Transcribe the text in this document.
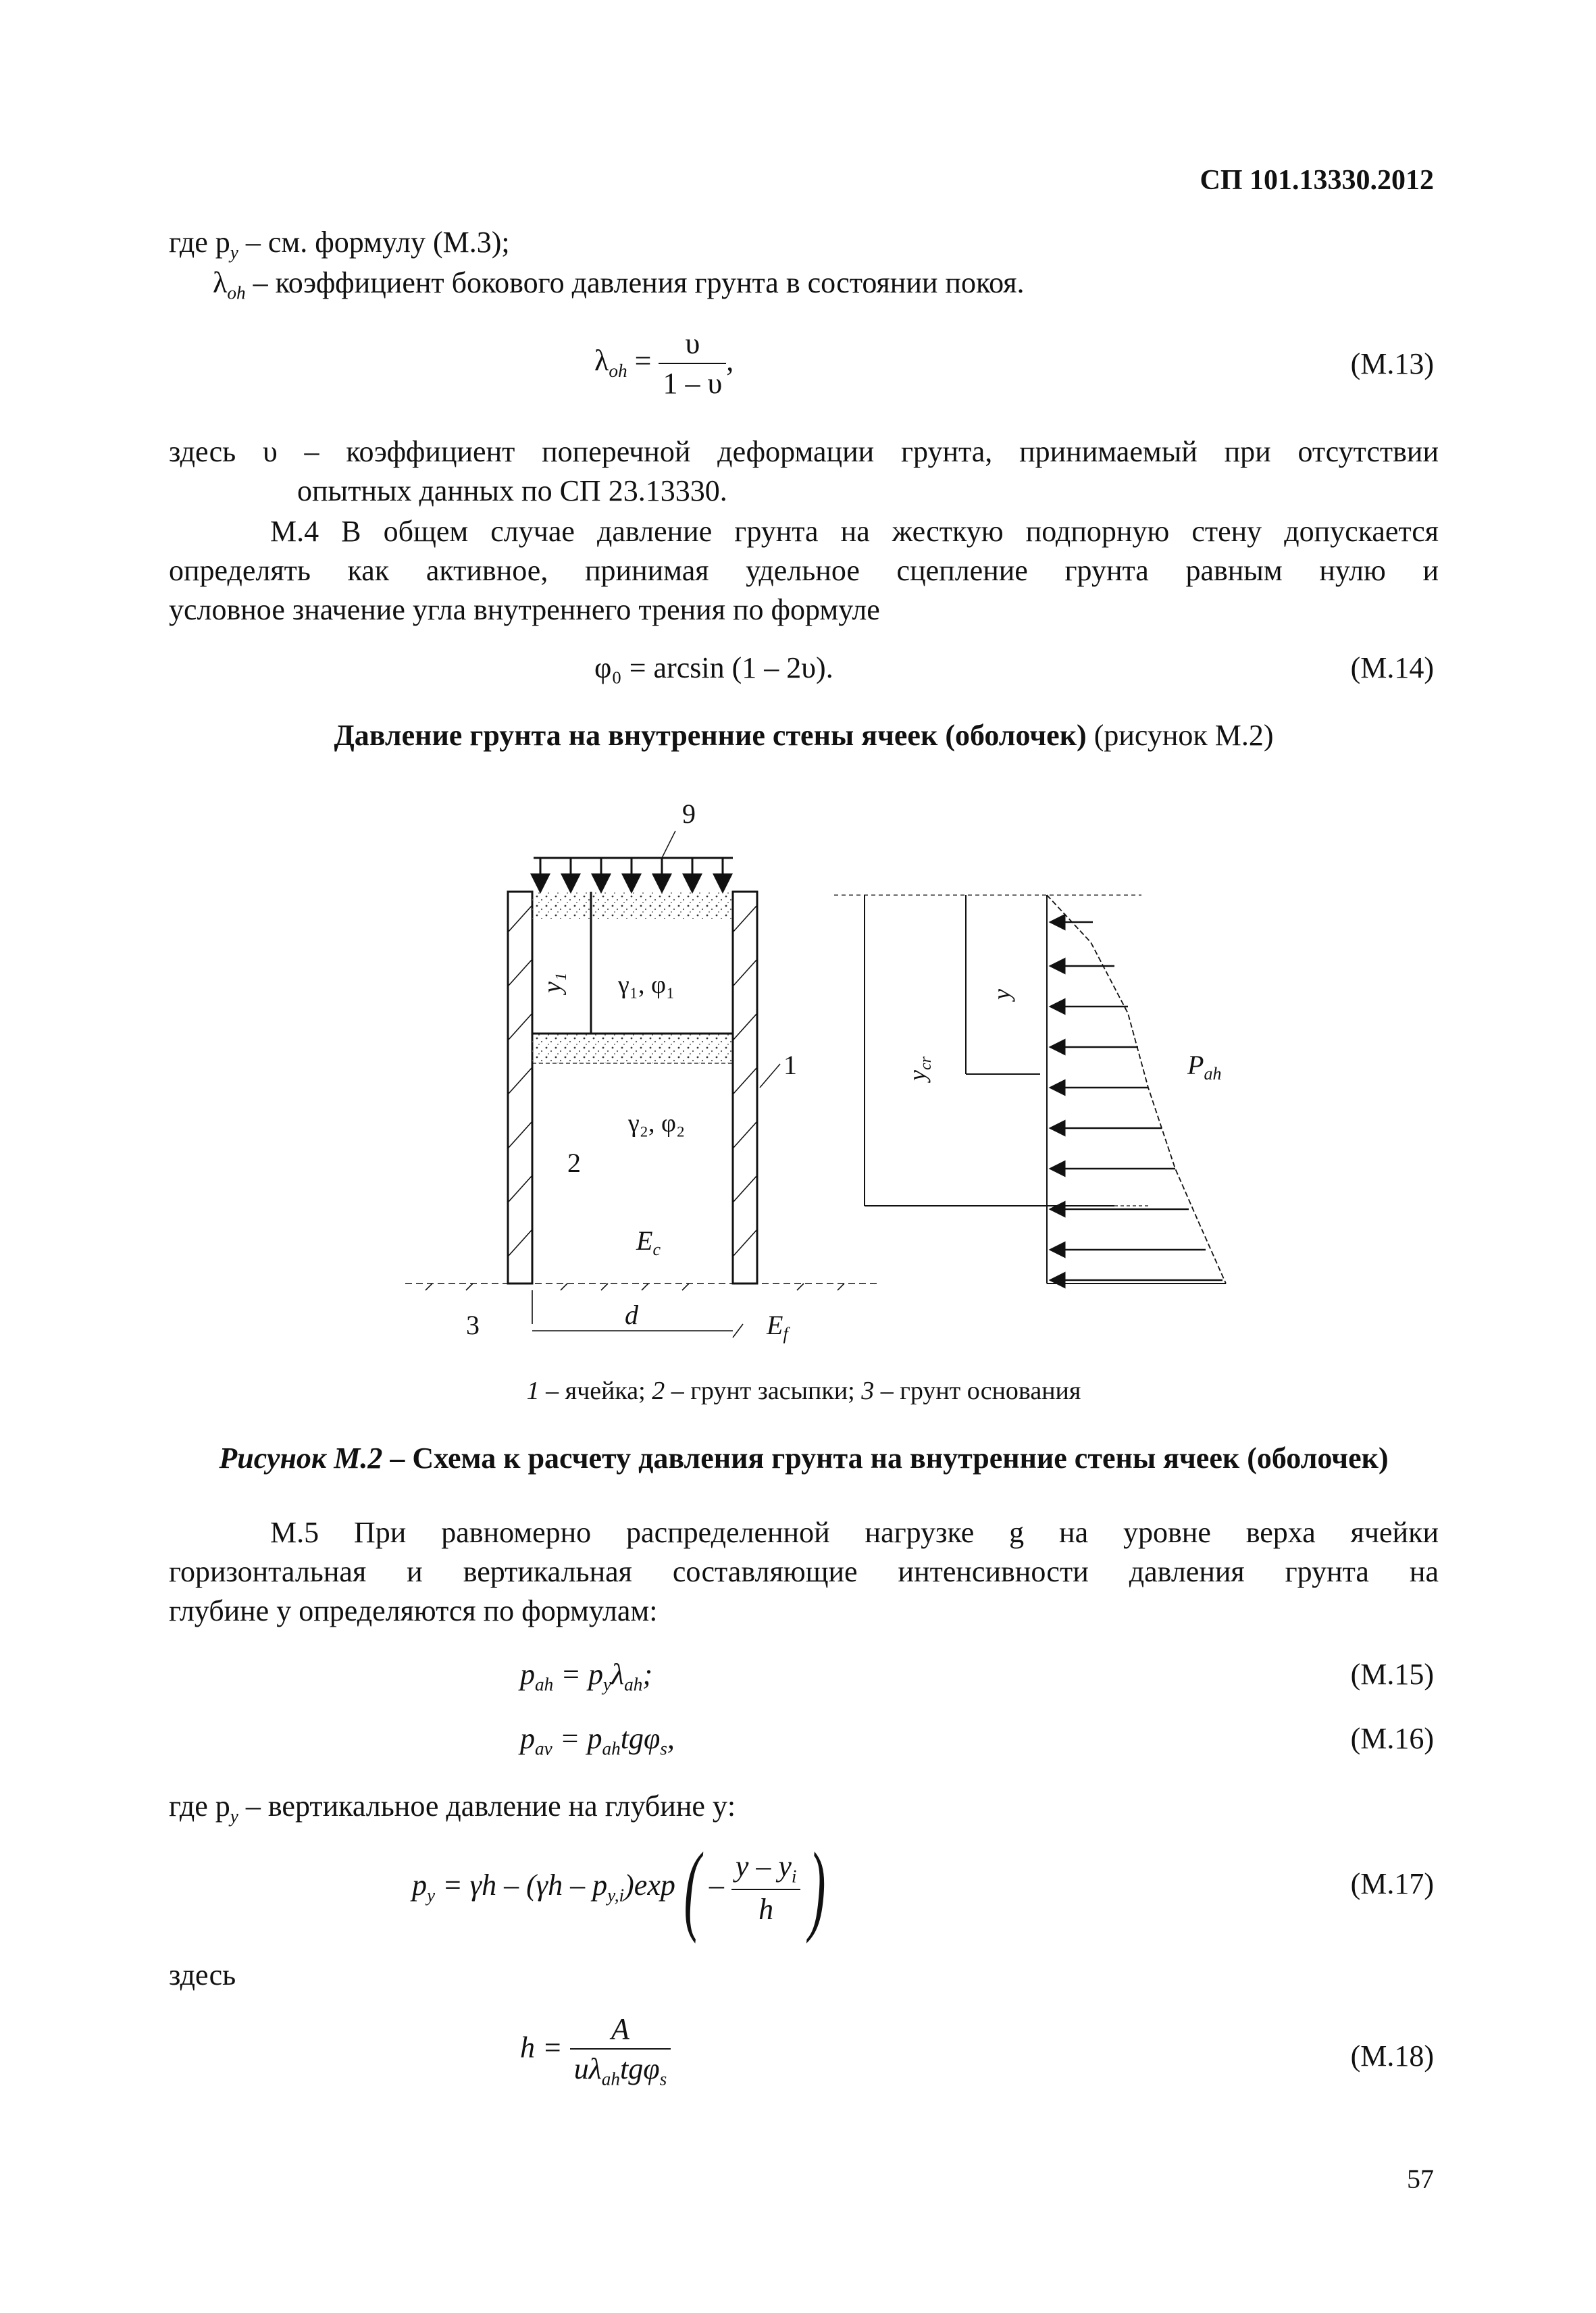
СП 101.13330.2012
где $p_y$ – см. формулу (М.3);
$\lambda_{oh}$ – коэффициент бокового давления грунта в состоянии покоя.
$\lambda_{oh} = \frac{\upsilon}{1 - \upsilon}$ ,	(М.13)
здесь υ – коэффициент поперечной деформации грунта, принимаемый при отсутствии
опытных данных по СП 23.13330.
М.4 В общем случае давление грунта на жесткую подпорную стену допускается
определять как активное, принимая удельное сцепление грунта равным нулю и
условное значение угла внутреннего трения по формуле
φ₀ = arcsin (1 – 2υ).	(М.14)
Давление грунта на внутренние стены ячеек (оболочек) (рисунок М.2)
9
y₁ γ₁, φ₁
γ₂, φ₂
2
$E_c$
1
3	d	$E_f$
$y_{cr}$
y
$P_{ah}$
1 – ячейка; 2 – грунт засыпки; 3 – грунт основания
Рисунок М.2 – Схема к расчету давления грунта на внутренние стены ячеек (оболочек)
М.5 При равномерно распределенной нагрузке g на уровне верха ячейки
горизонтальная и вертикальная составляющие интенсивности давления грунта на
глубине y определяются по формулам:
$p_{ah} = p_y\lambda_{ah}$;	(М.15)
$p_{av} = p_{ah}tg\varphi_s$,	(М.16)
где $p_y$ – вертикальное давление на глубине y:
$p_y = \gamma h - (\gamma h - p_{y,i})\exp( - \frac{y - y_i}{h}$ )	(М.17)
здесь
$h = \frac{A}{u\lambda_{ah}tg\varphi_s}$	(М.18)
57
